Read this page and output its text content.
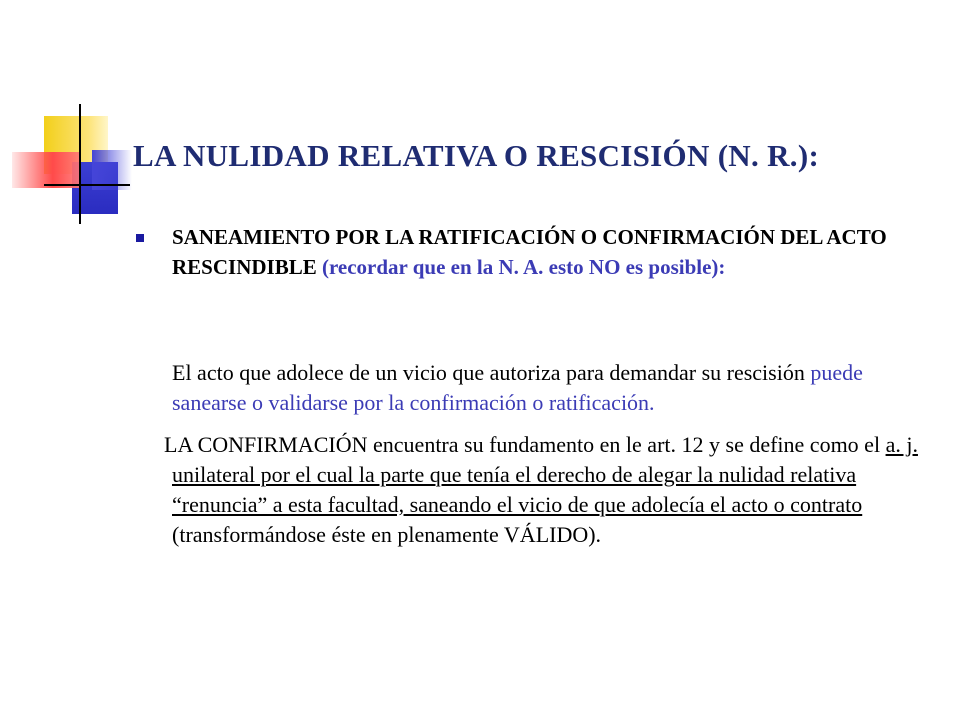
LA NULIDAD RELATIVA O RESCISIÓN (N. R.):
SANEAMIENTO POR LA RATIFICACIÓN O CONFIRMACIÓN DEL ACTO RESCINDIBLE (recordar que en la N. A. esto NO es posible):
El acto que adolece de un vicio que autoriza para demandar su rescisión puede sanearse o validarse por la confirmación o ratificación.
LA CONFIRMACIÓN encuentra su fundamento en le art. 12 y se define como el a. j. unilateral por el cual la parte que tenía el derecho de alegar la nulidad relativa “renuncia” a esta facultad, saneando el vicio de que adolecía el acto o contrato (transformándose éste en plenamente VÁLIDO).
